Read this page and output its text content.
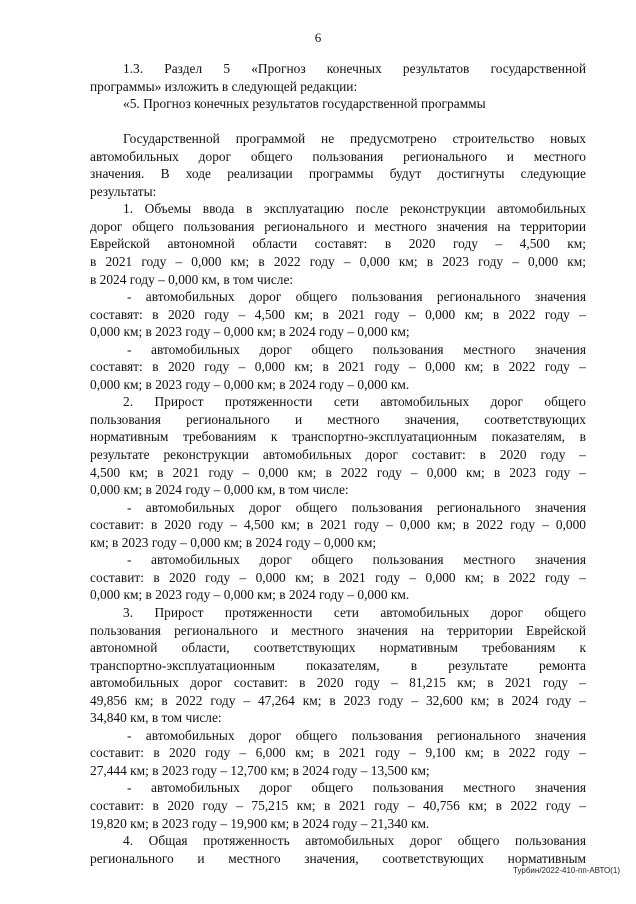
6
1.3. Раздел 5 «Прогноз конечных результатов государственной
программы» изложить в следующей редакции:
«5. Прогноз конечных результатов государственной программы
Государственной программой не предусмотрено строительство новых
автомобильных дорог общего пользования регионального и местного
значения. В ходе реализации программы будут достигнуты следующие
результаты:
1. Объемы ввода в эксплуатацию после реконструкции автомобильных
дорог общего пользования регионального и местного значения на территории
Еврейской автономной области составят: в 2020 году – 4,500 км;
в 2021 году – 0,000 км; в 2022 году – 0,000 км; в 2023 году – 0,000 км;
в 2024 году – 0,000 км, в том числе:
- автомобильных дорог общего пользования регионального значения
составят: в 2020 году – 4,500 км; в 2021 году – 0,000 км; в 2022 году –
0,000 км; в 2023 году – 0,000 км; в 2024 году – 0,000 км;
- автомобильных дорог общего пользования местного значения
составят: в 2020 году – 0,000 км; в 2021 году – 0,000 км; в 2022 году –
0,000 км; в 2023 году – 0,000 км; в 2024 году – 0,000 км.
2. Прирост протяженности сети автомобильных дорог общего
пользования регионального и местного значения, соответствующих
нормативным требованиям к транспортно-эксплуатационным показателям, в
результате реконструкции автомобильных дорог составит: в 2020 году –
4,500 км; в 2021 году – 0,000 км; в 2022 году – 0,000 км; в 2023 году –
0,000 км; в 2024 году – 0,000 км, в том числе:
- автомобильных дорог общего пользования регионального значения
составит: в 2020 году – 4,500 км; в 2021 году – 0,000 км; в 2022 году – 0,000
км; в 2023 году – 0,000 км; в 2024 году – 0,000 км;
- автомобильных дорог общего пользования местного значения
составит: в 2020 году – 0,000 км; в 2021 году – 0,000 км; в 2022 году –
0,000 км; в 2023 году – 0,000 км; в 2024 году – 0,000 км.
3. Прирост протяженности сети автомобильных дорог общего
пользования регионального и местного значения на территории Еврейской
автономной области, соответствующих нормативным требованиям к
транспортно-эксплуатационным показателям, в результате ремонта
автомобильных дорог составит: в 2020 году – 81,215 км; в 2021 году –
49,856 км; в 2022 году – 47,264 км; в 2023 году – 32,600 км; в 2024 году –
34,840 км, в том числе:
- автомобильных дорог общего пользования регионального значения
составит: в 2020 году – 6,000 км; в 2021 году – 9,100 км; в 2022 году –
27,444 км; в 2023 году – 12,700 км; в 2024 году – 13,500 км;
- автомобильных дорог общего пользования местного значения
составит: в 2020 году – 75,215 км; в 2021 году – 40,756 км; в 2022 году –
19,820 км; в 2023 году – 19,900 км; в 2024 году – 21,340 км.
4. Общая протяженность автомобильных дорог общего пользования
регионального и местного значения, соответствующих нормативным
Турбин/2022-410-пп-АВТО(1)
